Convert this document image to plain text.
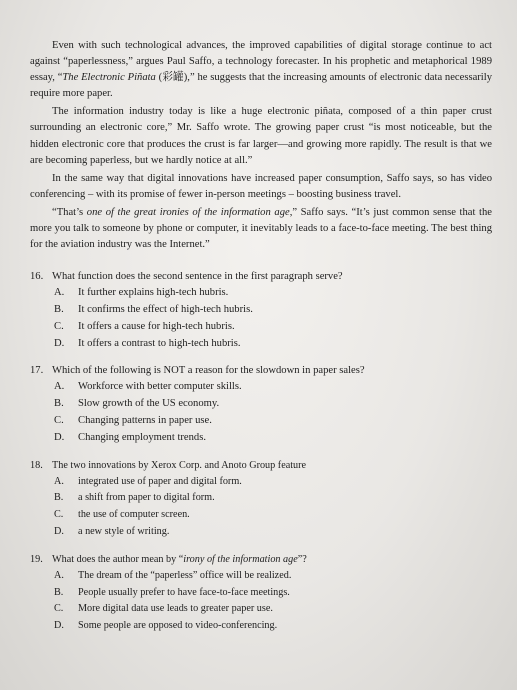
Even with such technological advances, the improved capabilities of digital storage continue to act against “paperlessness,” argues Paul Saffo, a technology forecaster. In his prophetic and metaphorical 1989 essay, “The Electronic Piñata (彩罐),” he suggests that the increasing amounts of electronic data necessarily require more paper.

The information industry today is like a huge electronic piñata, composed of a thin paper crust surrounding an electronic core,” Mr. Saffo wrote. The growing paper crust “is most noticeable, but the hidden electronic core that produces the crust is far larger—and growing more rapidly. The result is that we are becoming paperless, but we hardly notice at all.”

In the same way that digital innovations have increased paper consumption, Saffo says, so has video conferencing – with its promise of fewer in-person meetings – boosting business travel.

“That’s one of the great ironies of the information age,” Saffo says. “It’s just common sense that the more you talk to someone by phone or computer, it inevitably leads to a face-to-face meeting. The best thing for the aviation industry was the Internet.”

16. What function does the second sentence in the first paragraph serve?
A. It further explains high-tech hubris.
B. It confirms the effect of high-tech hubris.
C. It offers a cause for high-tech hubris.
D. It offers a contrast to high-tech hubris.
17. Which of the following is NOT a reason for the slowdown in paper sales?
A. Workforce with better computer skills.
B. Slow growth of the US economy.
C. Changing patterns in paper use.
D. Changing employment trends.
18. The two innovations by Xerox Corp. and Anoto Group feature
A. integrated use of paper and digital form.
B. a shift from paper to digital form.
C. the use of computer screen.
D. a new style of writing.
19. What does the author mean by “irony of the information age”?
A. The dream of the “paperless” office will be realized.
B. People usually prefer to have face-to-face meetings.
C. More digital data use leads to greater paper use.
D. Some people are opposed to video-conferencing.
